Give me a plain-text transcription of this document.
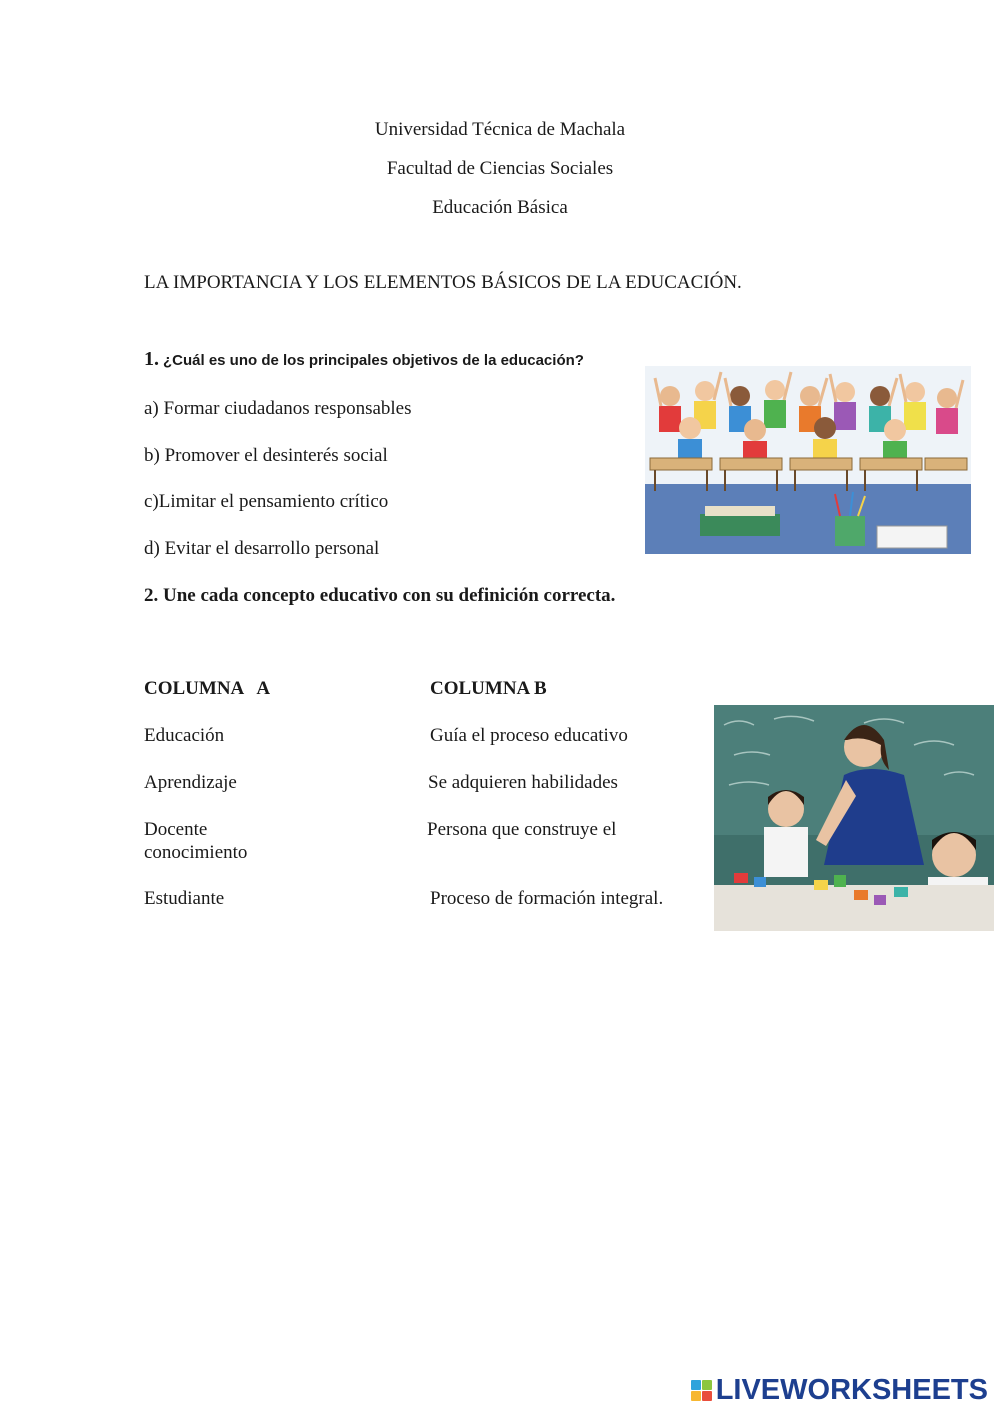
Universidad Técnica de Machala
Facultad de Ciencias Sociales
Educación Básica
LA IMPORTANCIA Y LOS ELEMENTOS BÁSICOS DE LA EDUCACIÓN.
1. ¿Cuál es uno de los principales objetivos de la educación?
a) Formar ciudadanos responsables
b) Promover el desinterés social
c)Limitar el pensamiento crítico
d) Evitar el desarrollo personal
2. Une cada concepto educativo con su definición correcta.
COLUMNA   A	COLUMNA B
Educación	Guía el proceso educativo
Aprendizaje	Se adquieren habilidades
Docente	Persona que construye el
conocimiento
Estudiante	Proceso de formación integral.
LIVEWORKSHEETS
